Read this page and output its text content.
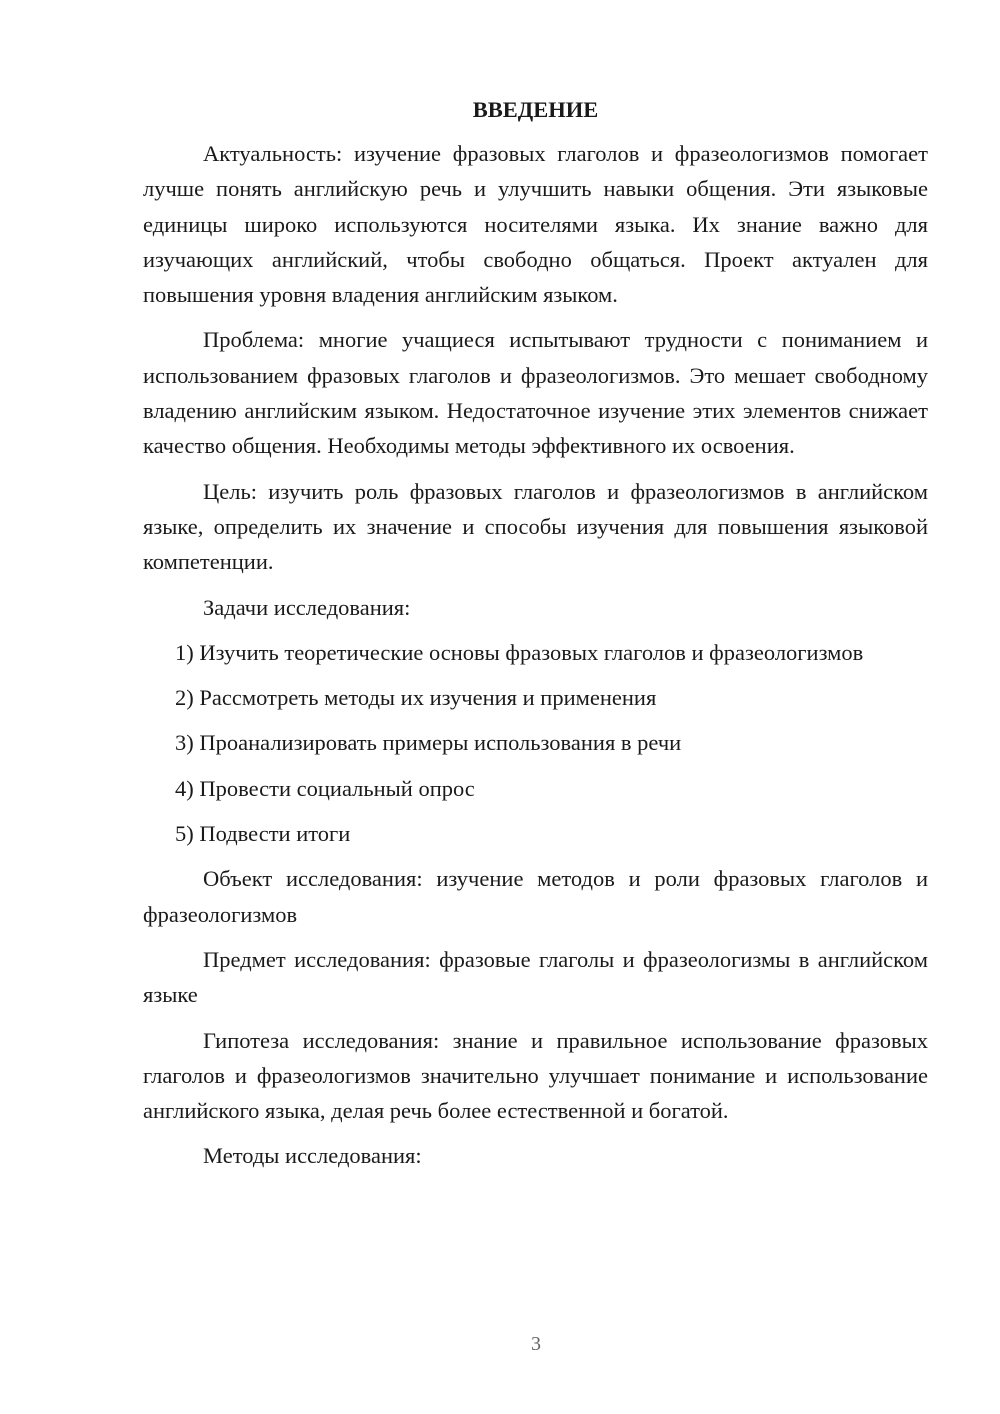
ВВЕДЕНИЕ

Актуальность: изучение фразовых глаголов и фразеологизмов помогает лучше понять английскую речь и улучшить навыки общения. Эти языковые единицы широко используются носителями языка. Их знание важно для изучающих английский, чтобы свободно общаться. Проект актуален для повышения уровня владения английским языком.

Проблема: многие учащиеся испытывают трудности с пониманием и использованием фразовых глаголов и фразеологизмов. Это мешает свободному владению английским языком. Недостаточное изучение этих элементов снижает качество общения. Необходимы методы эффективного их освоения.

Цель: изучить роль фразовых глаголов и фразеологизмов в английском языке, определить их значение и способы изучения для повышения языковой компетенции.

Задачи исследования:

1) Изучить теоретические основы фразовых глаголов и фразеологизмов

2) Рассмотреть методы их изучения и применения

3) Проанализировать примеры использования в речи

4) Провести социальный опрос

5) Подвести итоги

Объект исследования: изучение методов и роли фразовых глаголов и фразеологизмов

Предмет исследования: фразовые глаголы и фразеологизмы в английском языке

Гипотеза исследования: знание и правильное использование фразовых глаголов и фразеологизмов значительно улучшает понимание и использование английского языка, делая речь более естественной и богатой.

Методы исследования:

3
